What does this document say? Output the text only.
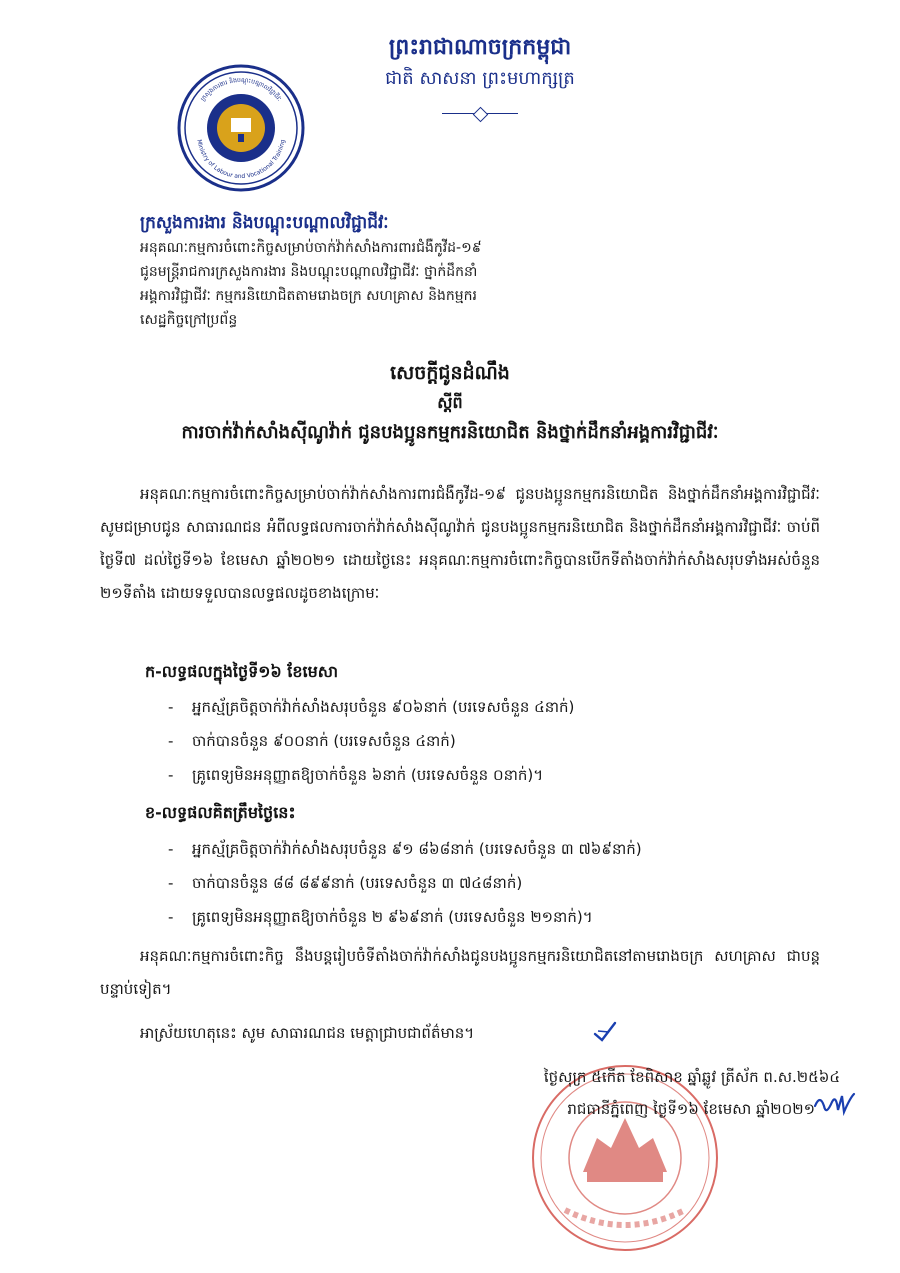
ព្រះរាជាណាចក្រកម្ពុជា
ជាតិ សាសនា ព្រះមហាក្សត្រ
ក្រសួងការងារ និងបណ្តុះបណ្តាលវិជ្ជាជីវៈ
Ministry of Labour and Vocational Training
ក្រសួងការងារ និងបណ្តុះបណ្តាលវិជ្ជាជីវៈ
អនុគណៈកម្មការចំពោះកិច្ចសម្រាប់ចាក់វ៉ាក់សាំងការពារជំងឺកូវីដ-១៩
ជូនមន្ត្រីរាជការក្រសួងការងារ និងបណ្តុះបណ្តាលវិជ្ជាជីវៈ ថ្នាក់ដឹកនាំ
អង្គការវិជ្ជាជីវៈ កម្មករនិយោជិតតាមរោងចក្រ សហគ្រាស និងកម្មករ
សេដ្ឋកិច្ចក្រៅប្រព័ន្ធ
សេចក្តីជូនដំណឹង
ស្តីពី
ការចាក់វ៉ាក់សាំងស៊ីណូវ៉ាក់ ជូនបងប្អូនកម្មករនិយោជិត និងថ្នាក់ដឹកនាំអង្គការវិជ្ជាជីវៈ
អនុគណៈកម្មការចំពោះកិច្ចសម្រាប់ចាក់វ៉ាក់សាំងការពារជំងឺកូវីដ-១៩ ជូនបងប្អូនកម្មករនិយោជិត និងថ្នាក់ដឹកនាំអង្គការវិជ្ជាជីវៈ សូមជម្រាបជូន សាធារណជន អំពីលទ្ធផលការចាក់វ៉ាក់សាំងស៊ីណូវ៉ាក់ ជូនបងប្អូនកម្មករនិយោជិត និងថ្នាក់ដឹកនាំអង្គការវិជ្ជាជីវៈ ចាប់ពីថ្ងៃទី៧ ដល់ថ្ងៃទី១៦ ខែមេសា ឆ្នាំ២០២១ ដោយថ្ងៃនេះ អនុគណៈកម្មការចំពោះកិច្ចបានបើកទីតាំងចាក់វ៉ាក់សាំងសរុបទាំងអស់ចំនួន ២១ទីតាំង ដោយទទួលបានលទ្ធផលដូចខាងក្រោមៈ
ក-លទ្ធផលក្នុងថ្ងៃទី១៦ ខែមេសា
- អ្នកស្ម័គ្រចិត្តចាក់វ៉ាក់សាំងសរុបចំនួន ៩០៦នាក់ (បរទេសចំនួន ៤នាក់)
- ចាក់បានចំនួន ៩០០នាក់ (បរទេសចំនួន ៤នាក់)
- គ្រូពេទ្យមិនអនុញ្ញាតឱ្យចាក់ចំនួន ៦នាក់ (បរទេសចំនួន ០នាក់)។
ខ-លទ្ធផលគិតត្រឹមថ្ងៃនេះ
- អ្នកស្ម័គ្រចិត្តចាក់វ៉ាក់សាំងសរុបចំនួន ៩១ ៨៦៨នាក់ (បរទេសចំនួន ៣ ៧៦៩នាក់)
- ចាក់បានចំនួន ៨៨ ៨៩៩នាក់ (បរទេសចំនួន ៣ ៧៤៨នាក់)
- គ្រូពេទ្យមិនអនុញ្ញាតឱ្យចាក់ចំនួន ២ ៩៦៩នាក់ (បរទេសចំនួន ២១នាក់)។
អនុគណៈកម្មការចំពោះកិច្ច នឹងបន្តរៀបចំទីតាំងចាក់វ៉ាក់សាំងជូនបងប្អូនកម្មករនិយោជិតនៅតាមរោងចក្រ សហគ្រាស ជាបន្តបន្ទាប់ទៀត។
អាស្រ័យហេតុនេះ សូម សាធារណជន មេត្តាជ្រាបជាព័ត៌មាន។
ថ្ងៃសុក្រ ៥កើត ខែពិសាខ ឆ្នាំឆ្លូវ ត្រីស័ក ព.ស.២៥៦៤
រាជធានីភ្នំពេញ ថ្ងៃទី១៦ ខែមេសា ឆ្នាំ២០២១
